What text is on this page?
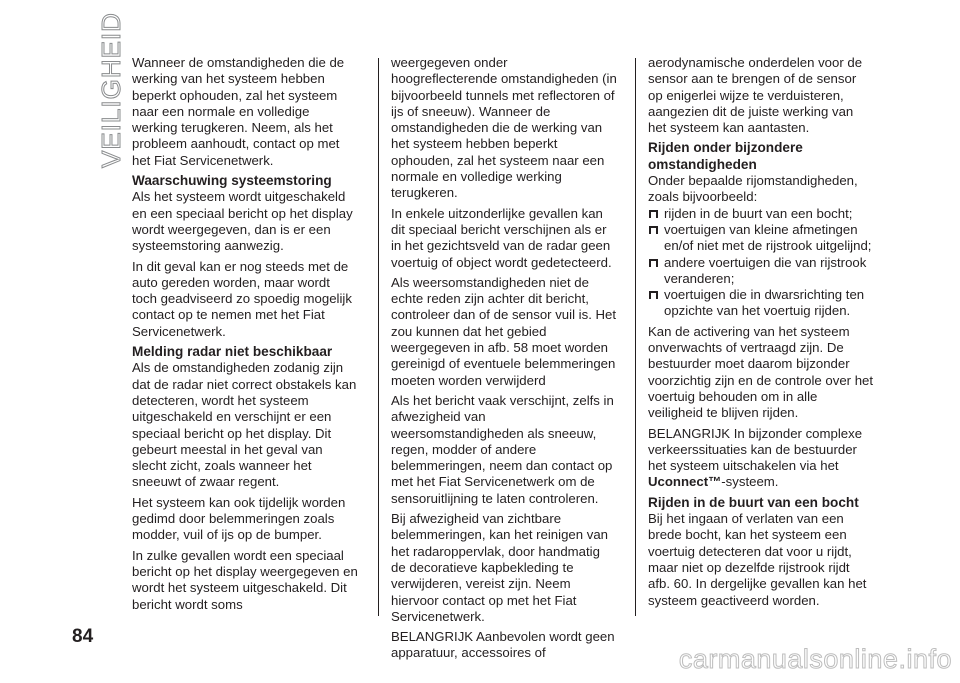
VEILIGHEID Wanneer de omstandigheden die de werking van het systeem hebben beperkt ophouden, zal het systeem naar een normale en volledige werking terugkeren. Neem, als het probleem aanhoudt, contact op met het Fiat Servicenetwerk.

Waarschuwing systeemstoring

Als het systeem wordt uitgeschakeld en een speciaal bericht op het display wordt weergegeven, dan is er een systeemstoring aanwezig.

In dit geval kan er nog steeds met de auto gereden worden, maar wordt toch geadviseerd zo spoedig mogelijk contact op te nemen met het Fiat Servicenetwerk.

Melding radar niet beschikbaar

Als de omstandigheden zodanig zijn dat de radar niet correct obstakels kan detecteren, wordt het systeem uitgeschakeld en verschijnt er een speciaal bericht op het display. Dit gebeurt meestal in het geval van slecht zicht, zoals wanneer het sneeuwt of zwaar regent.

Het systeem kan ook tijdelijk worden gedimd door belemmeringen zoals modder, vuil of ijs op de bumper.

In zulke gevallen wordt een speciaal bericht op het display weergegeven en wordt het systeem uitgeschakeld. Dit bericht wordt soms

weergegeven onder hoogreflecterende omstandigheden (in bijvoorbeeld tunnels met reflectoren of ijs of sneeuw). Wanneer de omstandigheden die de werking van het systeem hebben beperkt ophouden, zal het systeem naar een normale en volledige werking terugkeren.

In enkele uitzonderlijke gevallen kan dit speciaal bericht verschijnen als er in het gezichtsveld van de radar geen voertuig of object wordt gedetecteerd.

Als weersomstandigheden niet de echte reden zijn achter dit bericht, controleer dan of de sensor vuil is. Het zou kunnen dat het gebied weergegeven in afb. 58 moet worden gereinigd of eventuele belemmeringen moeten worden verwijderd

Als het bericht vaak verschijnt, zelfs in afwezigheid van weersomstandigheden als sneeuw, regen, modder of andere belemmeringen, neem dan contact op met het Fiat Servicenetwerk om de sensoruitlijning te laten controleren.

Bij afwezigheid van zichtbare belemmeringen, kan het reinigen van het radaroppervlak, door handmatig de decoratieve kapbekleding te verwijderen, vereist zijn. Neem hiervoor contact op met het Fiat Servicenetwerk.

BELANGRIJK Aanbevolen wordt geen apparatuur, accessoires of

aerodynamische onderdelen voor de sensor aan te brengen of de sensor op enigerlei wijze te verduisteren, aangezien dit de juiste werking van het systeem kan aantasten.

Rijden onder bijzondere omstandigheden

Onder bepaalde rijomstandigheden, zoals bijvoorbeeld:

rijden in de buurt van een bocht;
voertuigen van kleine afmetingen en/of niet met de rijstrook uitgelijnd;
andere voertuigen die van rijstrook veranderen;
voertuigen die in dwarsrichting ten opzichte van het voertuig rijden.

Kan de activering van het systeem onverwachts of vertraagd zijn. De bestuurder moet daarom bijzonder voorzichtig zijn en de controle over het voertuig behouden om in alle veiligheid te blijven rijden.

BELANGRIJK In bijzonder complexe verkeerssituaties kan de bestuurder het systeem uitschakelen via het Uconnect™-systeem.

Rijden in de buurt van een bocht

Bij het ingaan of verlaten van een brede bocht, kan het systeem een voertuig detecteren dat voor u rijdt, maar niet op dezelfde rijstrook rijdt afb. 60. In dergelijke gevallen kan het systeem geactiveerd worden.

84
carmanualsonline.info
